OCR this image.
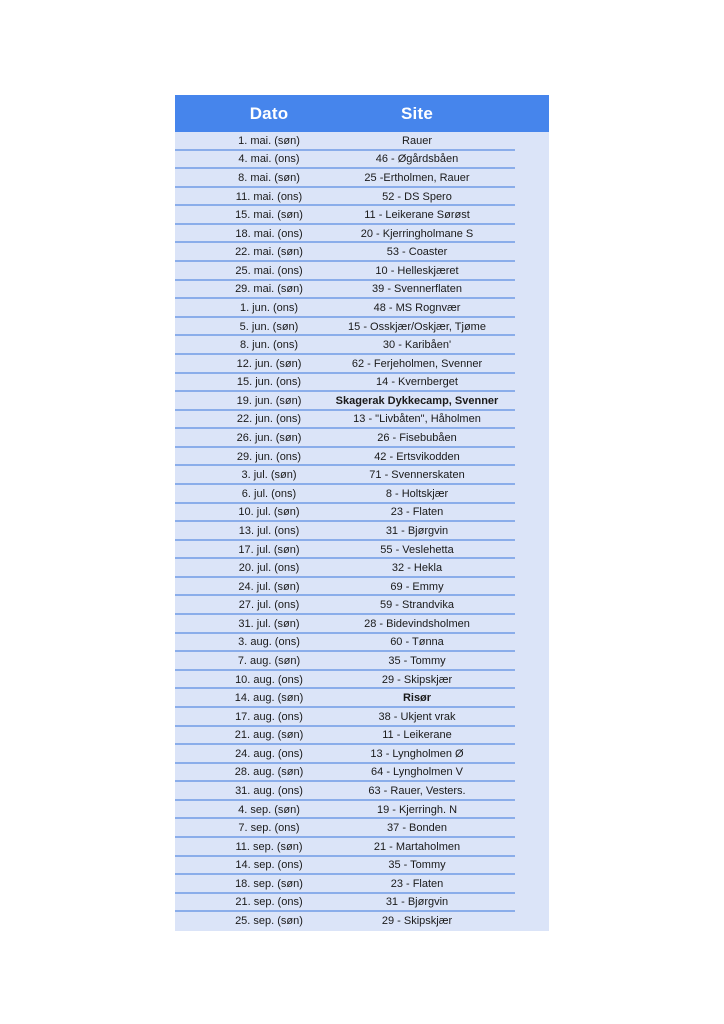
Dato	Site
1. mai. (søn)	Rauer
4. mai. (ons)	46 - Øgårdsbåen
8. mai. (søn)	25 -Ertholmen, Rauer
11. mai. (ons)	52 - DS Spero
15. mai. (søn)	11 - Leikerane Sørøst
18. mai. (ons)	20 - Kjerringholmane S
22. mai. (søn)	53 - Coaster
25. mai. (ons)	10 - Helleskjæret
29. mai. (søn)	39 - Svennerflaten
1. jun. (ons)	48 - MS Rognvær
5. jun. (søn)	15 - Osskjær/Oskjær, Tjøme
8. jun. (ons)	30 - Karibåen'
12. jun. (søn)	62 - Ferjeholmen, Svenner
15. jun. (ons)	14 - Kvernberget
19. jun. (søn)	Skagerak Dykkecamp, Svenner
22. jun. (ons)	13 - "Livbåten", Håholmen
26. jun. (søn)	26 - Fisebubåen
29. jun. (ons)	42 - Ertsvikodden
3. jul. (søn)	71 - Svennerskaten
6. jul. (ons)	8 - Holtskjær
10. jul. (søn)	23 - Flaten
13. jul. (ons)	31 - Bjørgvin
17. jul. (søn)	55 - Veslehetta
20. jul. (ons)	32 - Hekla
24. jul. (søn)	69 - Emmy
27. jul. (ons)	59 - Strandvika
31. jul. (søn)	28 - Bidevindsholmen
3. aug. (ons)	60 - Tønna
7. aug. (søn)	35 - Tommy
10. aug. (ons)	29 - Skipskjær
14. aug. (søn)	Risør
17. aug. (ons)	38 - Ukjent vrak
21. aug. (søn)	11 - Leikerane
24. aug. (ons)	13 - Lyngholmen Ø
28. aug. (søn)	64 - Lyngholmen V
31. aug. (ons)	63 - Rauer, Vesters.
4. sep. (søn)	19 - Kjerringh. N
7. sep. (ons)	37 - Bonden
11. sep. (søn)	21 - Martaholmen
14. sep. (ons)	35 - Tommy
18. sep. (søn)	23 - Flaten
21. sep. (ons)	31 - Bjørgvin
25. sep. (søn)	29 - Skipskjær
